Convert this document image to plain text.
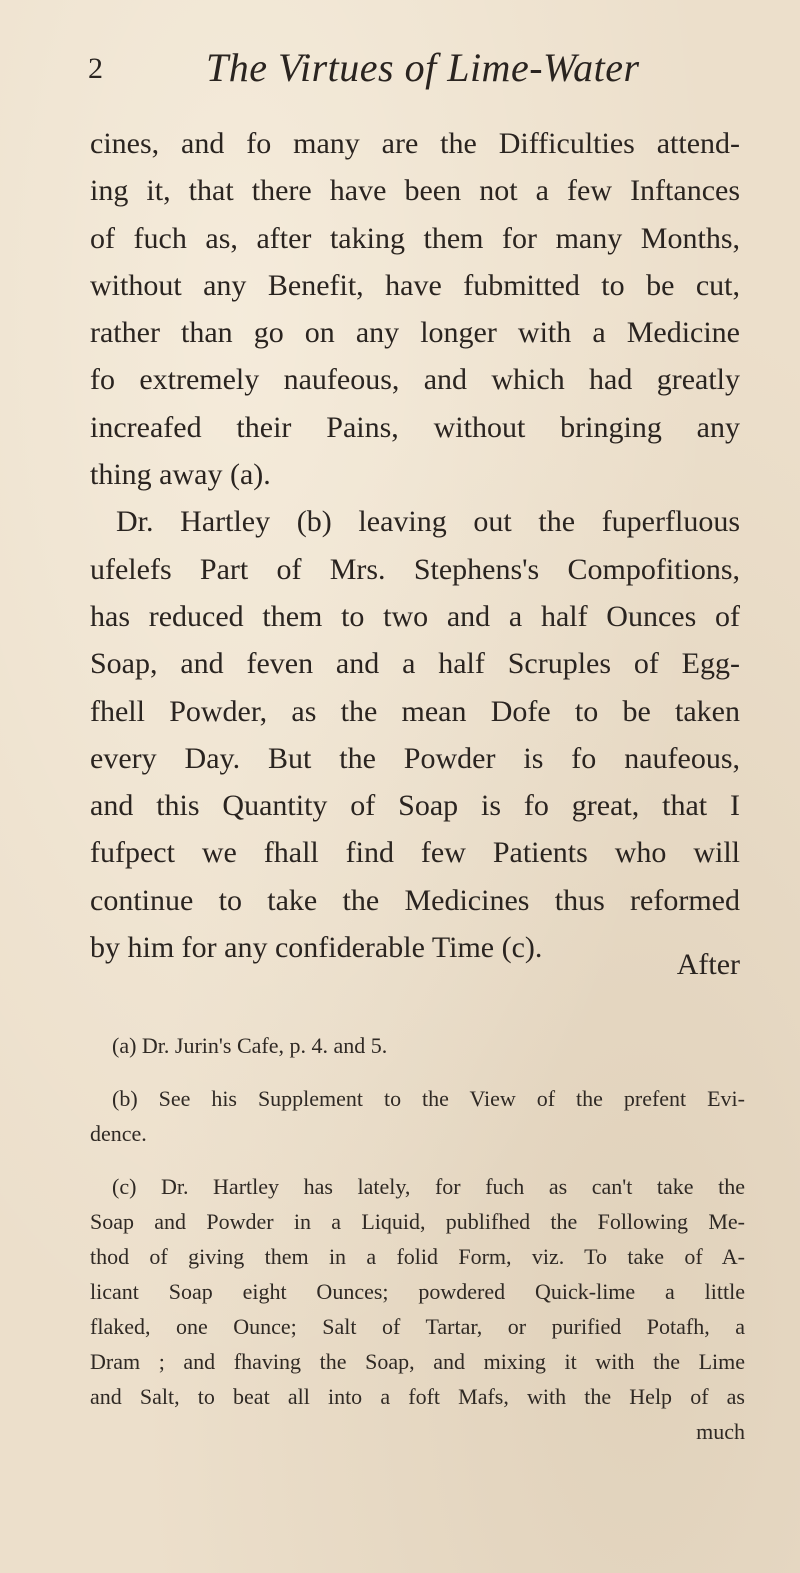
2	The Virtues of Lime-Water
cines, and fo many are the Difficulties attend-
ing it, that there have been not a few Inftances
of fuch as, after taking them for many Months,
without any Benefit, have fubmitted to be cut,
rather than go on any longer with a Medicine
fo extremely naufeous, and which had greatly
increafed their Pains, without bringing any
thing away (a).
Dr. Hartley (b) leaving out the fuperfluous
ufelefs Part of Mrs. Stephens's Compofitions,
has reduced them to two and a half Ounces of
Soap, and feven and a half Scruples of Egg-
fhell Powder, as the mean Dofe to be taken
every Day. But the Powder is fo naufeous,
and this Quantity of Soap is fo great, that I
fufpect we fhall find few Patients who will
continue to take the Medicines thus reformed
by him for any confiderable Time (c).
After
(a) Dr. Jurin's Cafe, p. 4. and 5.
(b) See his Supplement to the View of the prefent Evi-
dence.
(c) Dr. Hartley has lately, for fuch as can't take the
Soap and Powder in a Liquid, publifhed the Following Me-
thod of giving them in a folid Form, viz. To take of A-
licant Soap eight Ounces; powdered Quick-lime a little
flaked, one Ounce; Salt of Tartar, or purified Potafh, a
Dram ; and fhaving the Soap, and mixing it with the Lime
and Salt, to beat all into a foft Mafs, with the Help of as
much
